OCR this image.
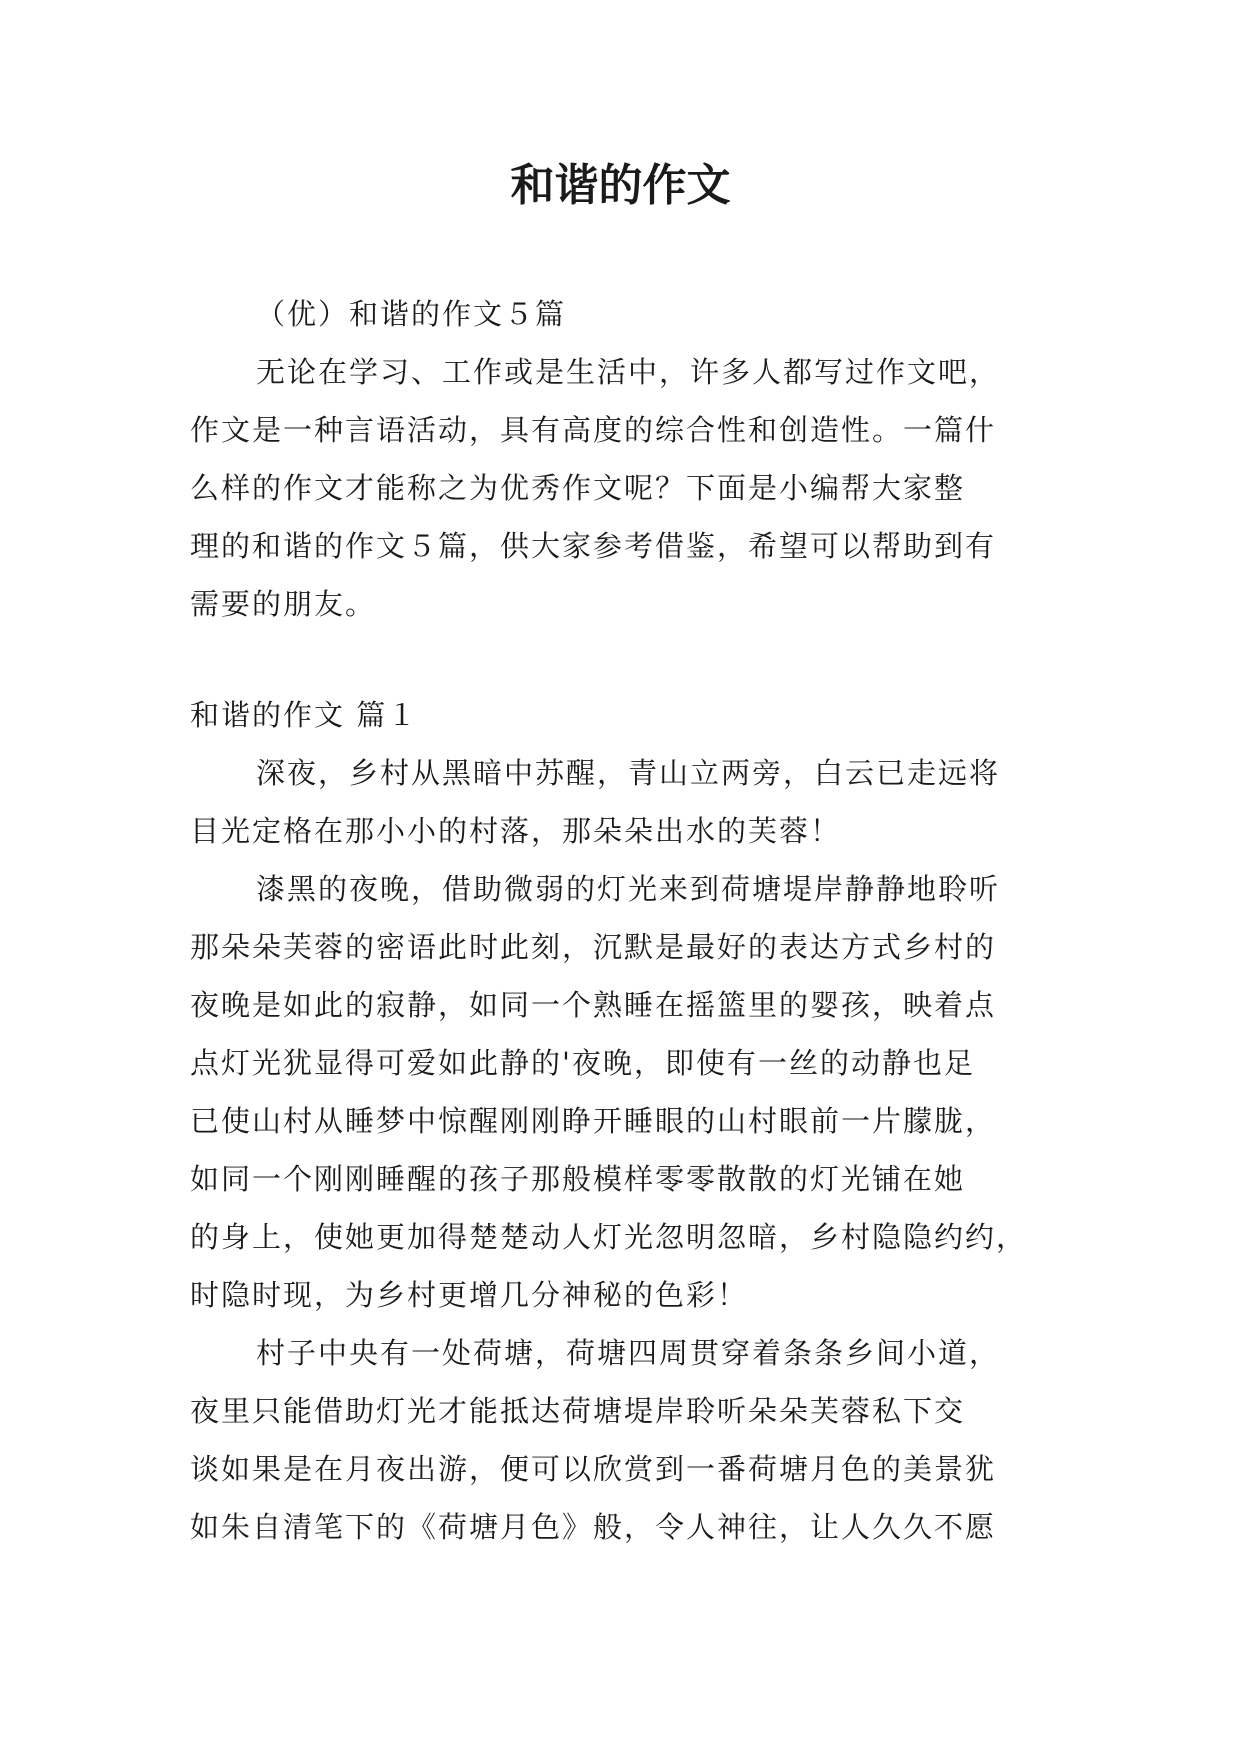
和谐的作文

（优）和谐的作文５篇

无论在学习、工作或是生活中，许多人都写过作文吧，
作文是一种言语活动，具有高度的综合性和创造性。一篇什
么样的作文才能称之为优秀作文呢？下面是小编帮大家整
理的和谐的作文５篇，供大家参考借鉴，希望可以帮助到有
需要的朋友。

和谐的作文 篇１

深夜，乡村从黑暗中苏醒，青山立两旁，白云已走远将
目光定格在那小小的村落，那朵朵出水的芙蓉！

漆黑的夜晚，借助微弱的灯光来到荷塘堤岸静静地聆听
那朵朵芙蓉的密语此时此刻，沉默是最好的表达方式乡村的
夜晚是如此的寂静，如同一个熟睡在摇篮里的婴孩，映着点
点灯光犹显得可爱如此静的'夜晚，即使有一丝的动静也足
已使山村从睡梦中惊醒刚刚睁开睡眼的山村眼前一片朦胧，
如同一个刚刚睡醒的孩子那般模样零零散散的灯光铺在她
的身上，使她更加得楚楚动人灯光忽明忽暗，乡村隐隐约约，
时隐时现，为乡村更增几分神秘的色彩！

村子中央有一处荷塘，荷塘四周贯穿着条条乡间小道，
夜里只能借助灯光才能抵达荷塘堤岸聆听朵朵芙蓉私下交
谈如果是在月夜出游，便可以欣赏到一番荷塘月色的美景犹
如朱自清笔下的《荷塘月色》般，令人神往，让人久久不愿
